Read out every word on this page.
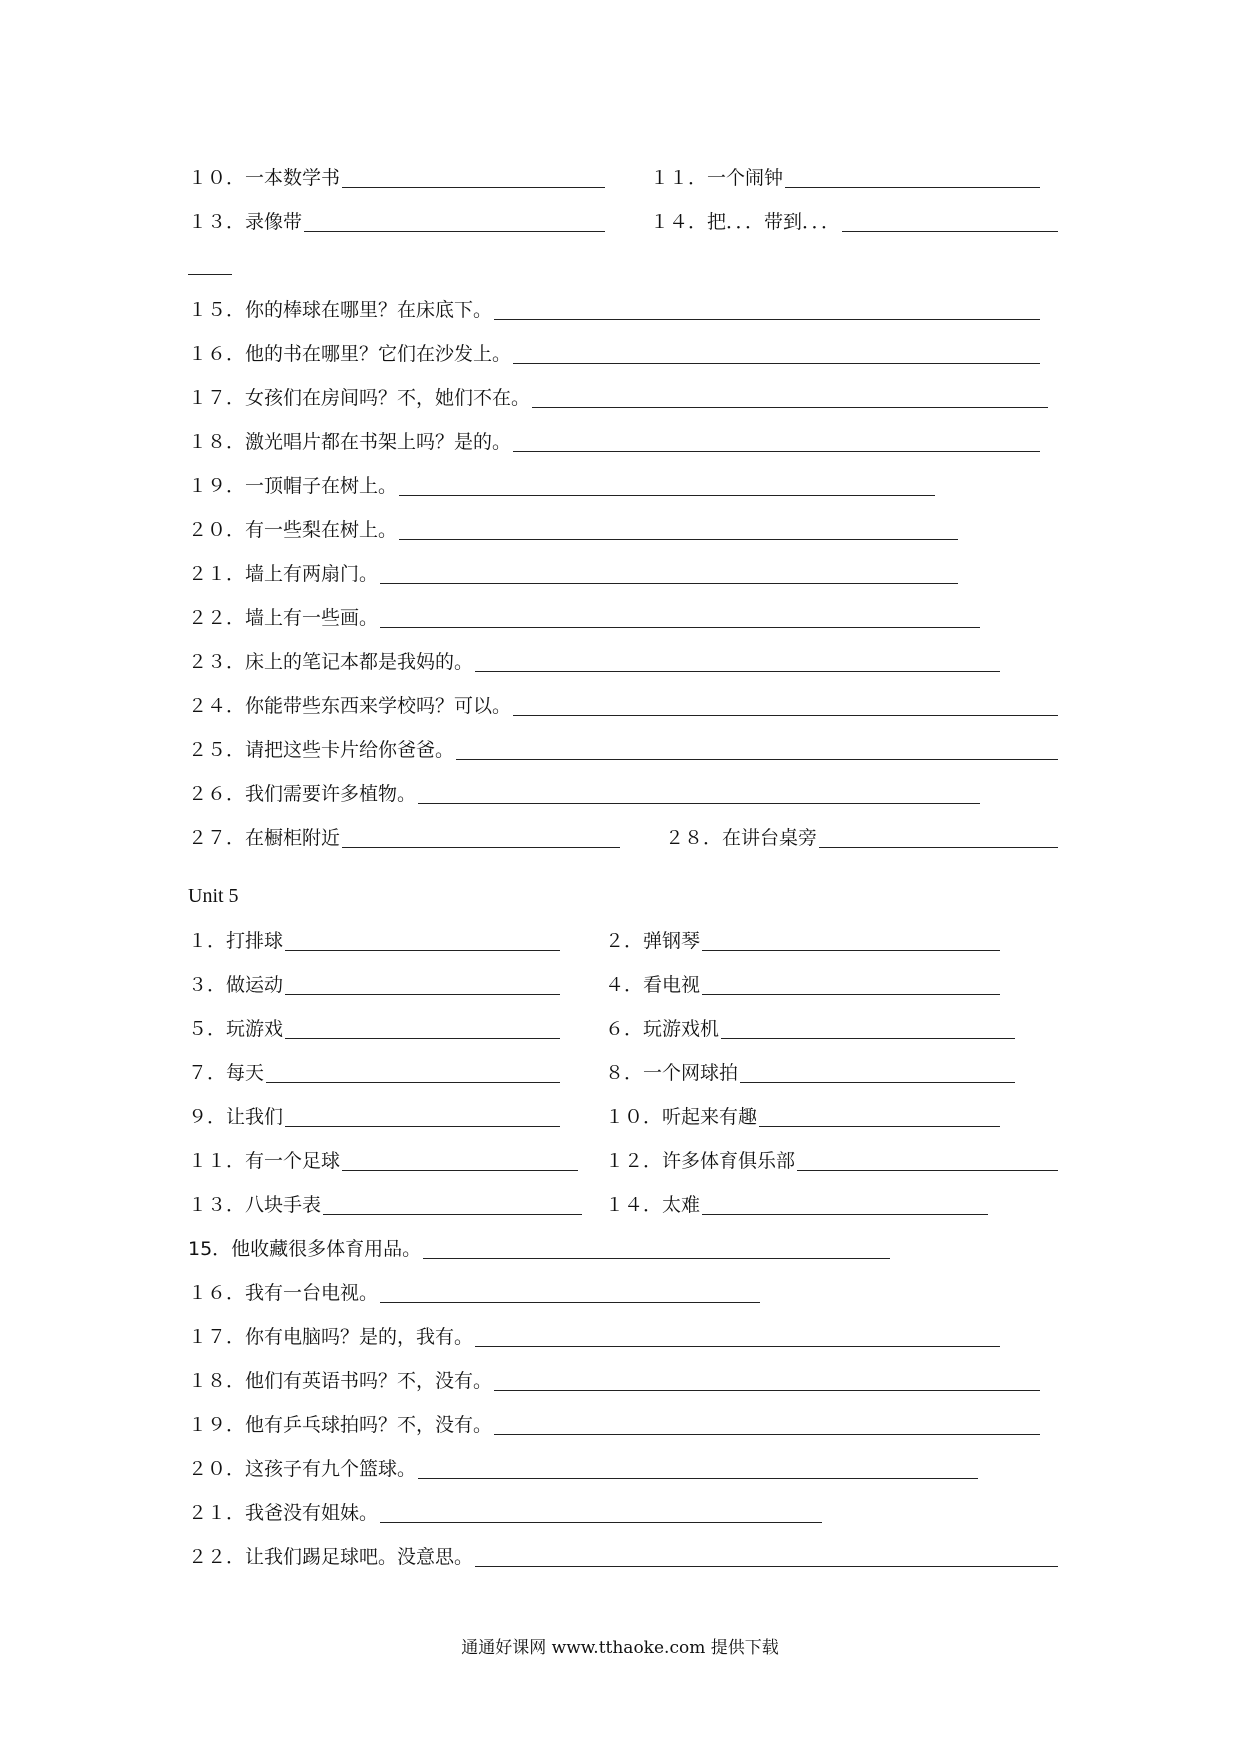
Unit 5
通通好课网 www.tthaoke.com 提供下载
１０．一本数学书	１１．一个闹钟
１３．录像带	１４．把．．．带到．．．
１５．你的棒球在哪里？在床底下。
１６．他的书在哪里？它们在沙发上。
１７．女孩们在房间吗？不，她们不在。
１８．激光唱片都在书架上吗？是的。
１９．一顶帽子在树上。
２０．有一些梨在树上。
２１．墙上有两扇门。
２２．墙上有一些画。
２３．床上的笔记本都是我妈的。
２４．你能带些东西来学校吗？可以。
２５．请把这些卡片给你爸爸。
２６．我们需要许多植物。
２７．在橱柜附近	２８．在讲台桌旁
１．打排球	２．弹钢琴
３．做运动	４．看电视
５．玩游戏	６．玩游戏机
７．每天	８．一个网球拍
９．让我们	１０．听起来有趣
１１．有一个足球	１２．许多体育俱乐部
１３．八块手表	１４．太难
15．他收藏很多体育用品。
１６．我有一台电视。
１７．你有电脑吗？是的，我有。
１８．他们有英语书吗？不，没有。
１９．他有乒乓球拍吗？不，没有。
２０．这孩子有九个篮球。
２１．我爸没有姐妹。
２２．让我们踢足球吧。没意思。
